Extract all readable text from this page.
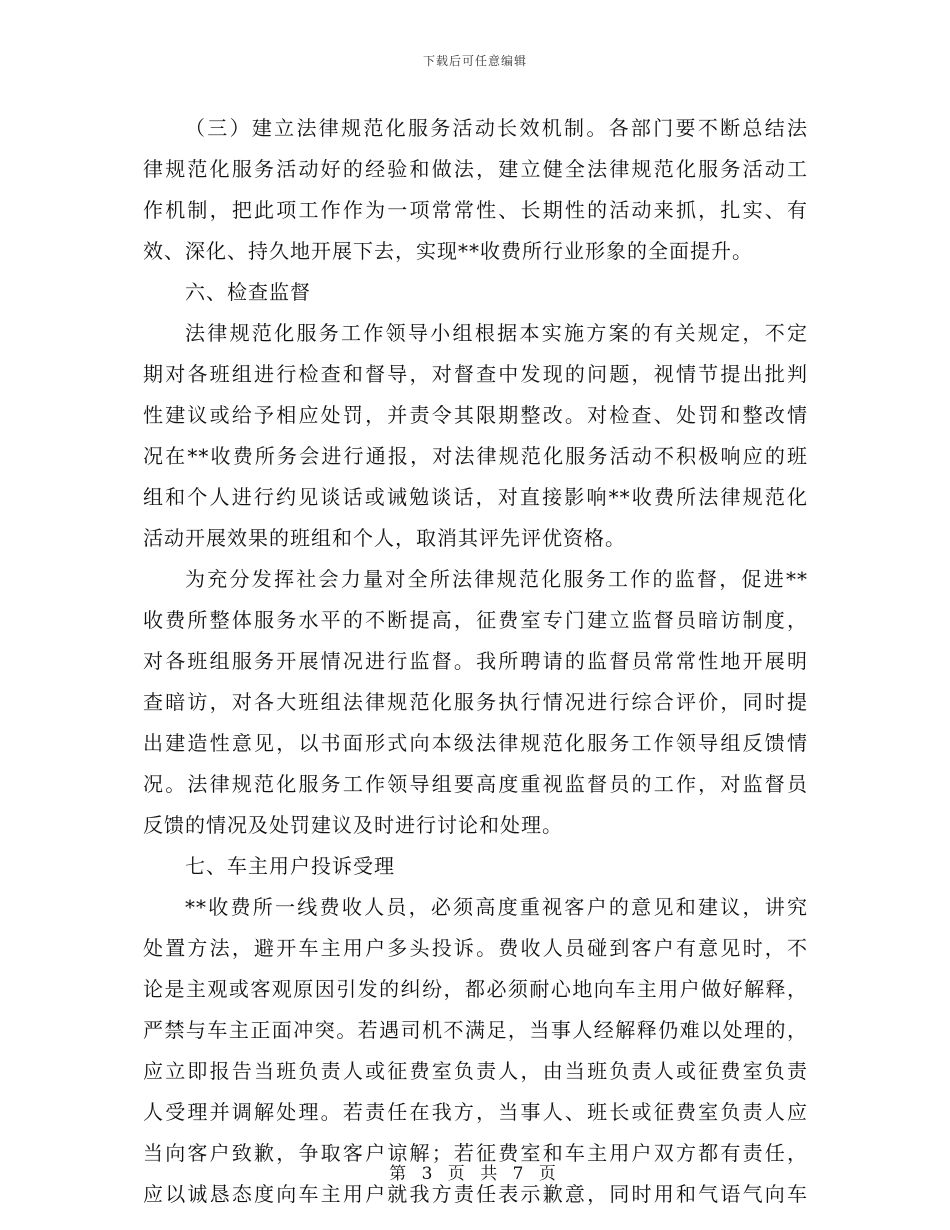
下载后可任意编辑
（三）建立法律规范化服务活动长效机制。各部门要不断总结法
律规范化服务活动好的经验和做法，建立健全法律规范化服务活动工
作机制，把此项工作作为一项常常性、长期性的活动来抓，扎实、有
效、深化、持久地开展下去，实现**收费所行业形象的全面提升。
六、检查监督
法律规范化服务工作领导小组根据本实施方案的有关规定，不定
期对各班组进行检查和督导，对督查中发现的问题，视情节提出批判
性建议或给予相应处罚，并责令其限期整改。对检查、处罚和整改情
况在**收费所务会进行通报，对法律规范化服务活动不积极响应的班
组和个人进行约见谈话或诫勉谈话，对直接影响**收费所法律规范化
活动开展效果的班组和个人，取消其评先评优资格。
为充分发挥社会力量对全所法律规范化服务工作的监督，促进**
收费所整体服务水平的不断提高，征费室专门建立监督员暗访制度，
对各班组服务开展情况进行监督。我所聘请的监督员常常性地开展明
查暗访，对各大班组法律规范化服务执行情况进行综合评价，同时提
出建造性意见，以书面形式向本级法律规范化服务工作领导组反馈情
况。法律规范化服务工作领导组要高度重视监督员的工作，对监督员
反馈的情况及处罚建议及时进行讨论和处理。
七、车主用户投诉受理
**收费所一线费收人员，必须高度重视客户的意见和建议，讲究
处置方法，避开车主用户多头投诉。费收人员碰到客户有意见时，不
论是主观或客观原因引发的纠纷，都必须耐心地向车主用户做好解释，
严禁与车主正面冲突。若遇司机不满足，当事人经解释仍难以处理的，
应立即报告当班负责人或征费室负责人，由当班负责人或征费室负责
人受理并调解处理。若责任在我方，当事人、班长或征费室负责人应
当向客户致歉，争取客户谅解；若征费室和车主用户双方都有责任，
应以诚恳态度向车主用户就我方责任表示歉意，同时用和气语气向车
第 3 页 共 7 页
